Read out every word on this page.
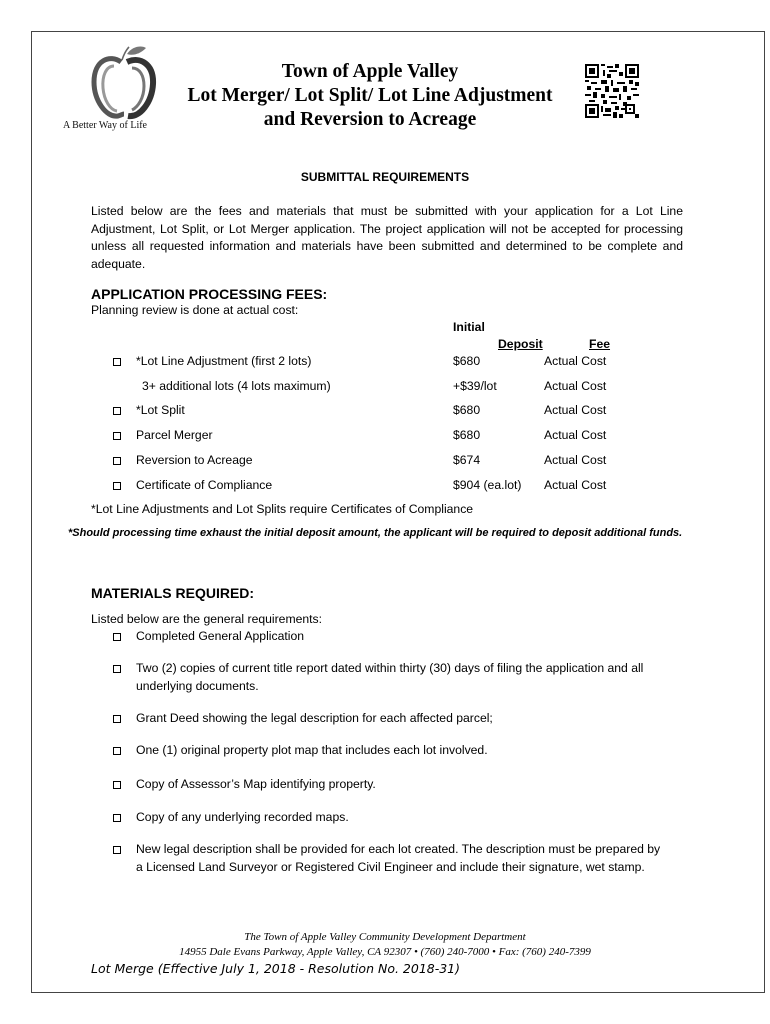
A Better Way of Life
Town of Apple Valley
Lot Merger/ Lot Split/ Lot Line Adjustment
and Reversion to Acreage
SUBMITTAL REQUIREMENTS
Listed below are the fees and materials that must be submitted with your application for a Lot Line Adjustment, Lot Split, or Lot Merger application. The project application will not be accepted for processing unless all requested information and materials have been submitted and determined to be complete and adequate.
APPLICATION PROCESSING FEES:
Planning review is done at actual cost:
Initial
Deposit	Fee
*Lot Line Adjustment (first 2 lots)	$680	Actual Cost
3+ additional lots (4 lots maximum)	+$39/lot	Actual Cost
*Lot Split	$680	Actual Cost
Parcel Merger	$680	Actual Cost
Reversion to Acreage	$674	Actual Cost
Certificate of Compliance	$904 (ea.lot) Actual Cost
*Lot Line Adjustments and Lot Splits require Certificates of Compliance
*Should processing time exhaust the initial deposit amount, the applicant will be required to deposit additional funds.
MATERIALS REQUIRED:
Listed below are the general requirements:
Completed General Application
Two (2) copies of current title report dated within thirty (30) days of filing the application and all underlying documents.
Grant Deed showing the legal description for each affected parcel;
One (1) original property plot map that includes each lot involved.
Copy of Assessor’s Map identifying property.
Copy of any underlying recorded maps.
New legal description shall be provided for each lot created. The description must be prepared by a Licensed Land Surveyor or Registered Civil Engineer and include their signature, wet stamp.
The Town of Apple Valley Community Development Department
14955 Dale Evans Parkway, Apple Valley, CA 92307 • (760) 240-7000 • Fax: (760) 240-7399
Lot Merge (Effective July 1, 2018 - Resolution No. 2018-31)
